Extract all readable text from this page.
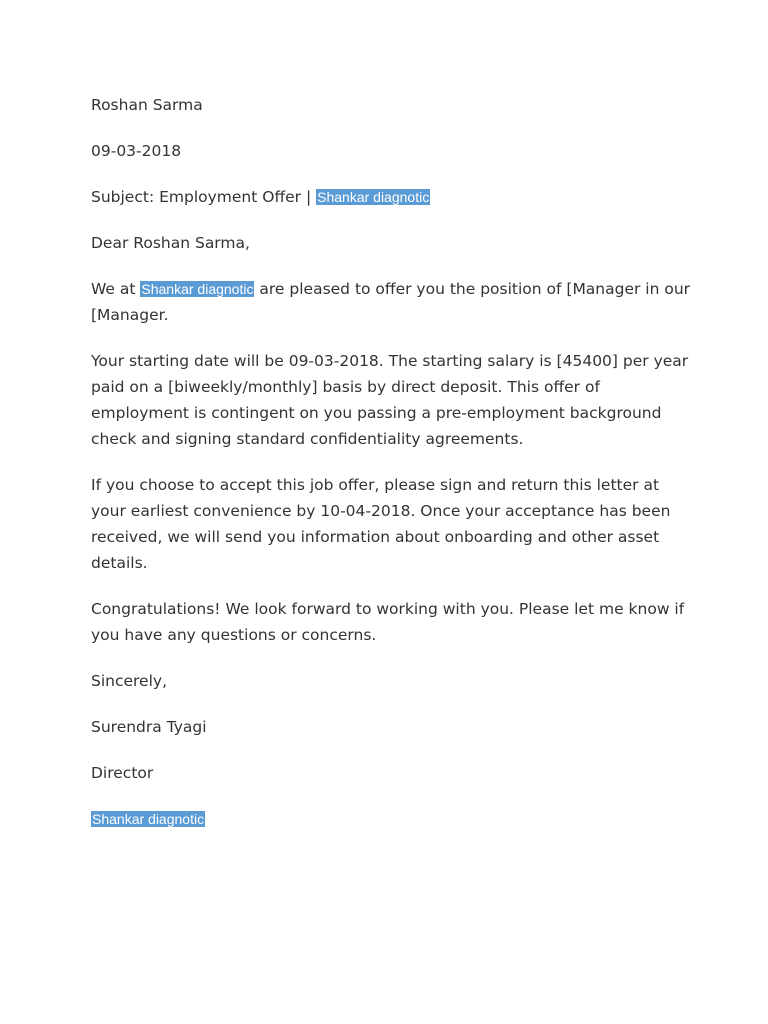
Roshan Sarma

09-03-2018

Subject: Employment Offer | Shankar diagnotic

Dear Roshan Sarma,

We at Shankar diagnotic are pleased to offer you the position of [Manager in our [Manager.

Your starting date will be 09-03-2018. The starting salary is [45400] per year paid on a [biweekly/monthly] basis by direct deposit. This offer of employment is contingent on you passing a pre-employment background check and signing standard confidentiality agreements.

If you choose to accept this job offer, please sign and return this letter at your earliest convenience by 10-04-2018. Once your acceptance has been received, we will send you information about onboarding and other asset details.

Congratulations! We look forward to working with you. Please let me know if you have any questions or concerns.

Sincerely,

Surendra Tyagi

Director

Shankar diagnotic
